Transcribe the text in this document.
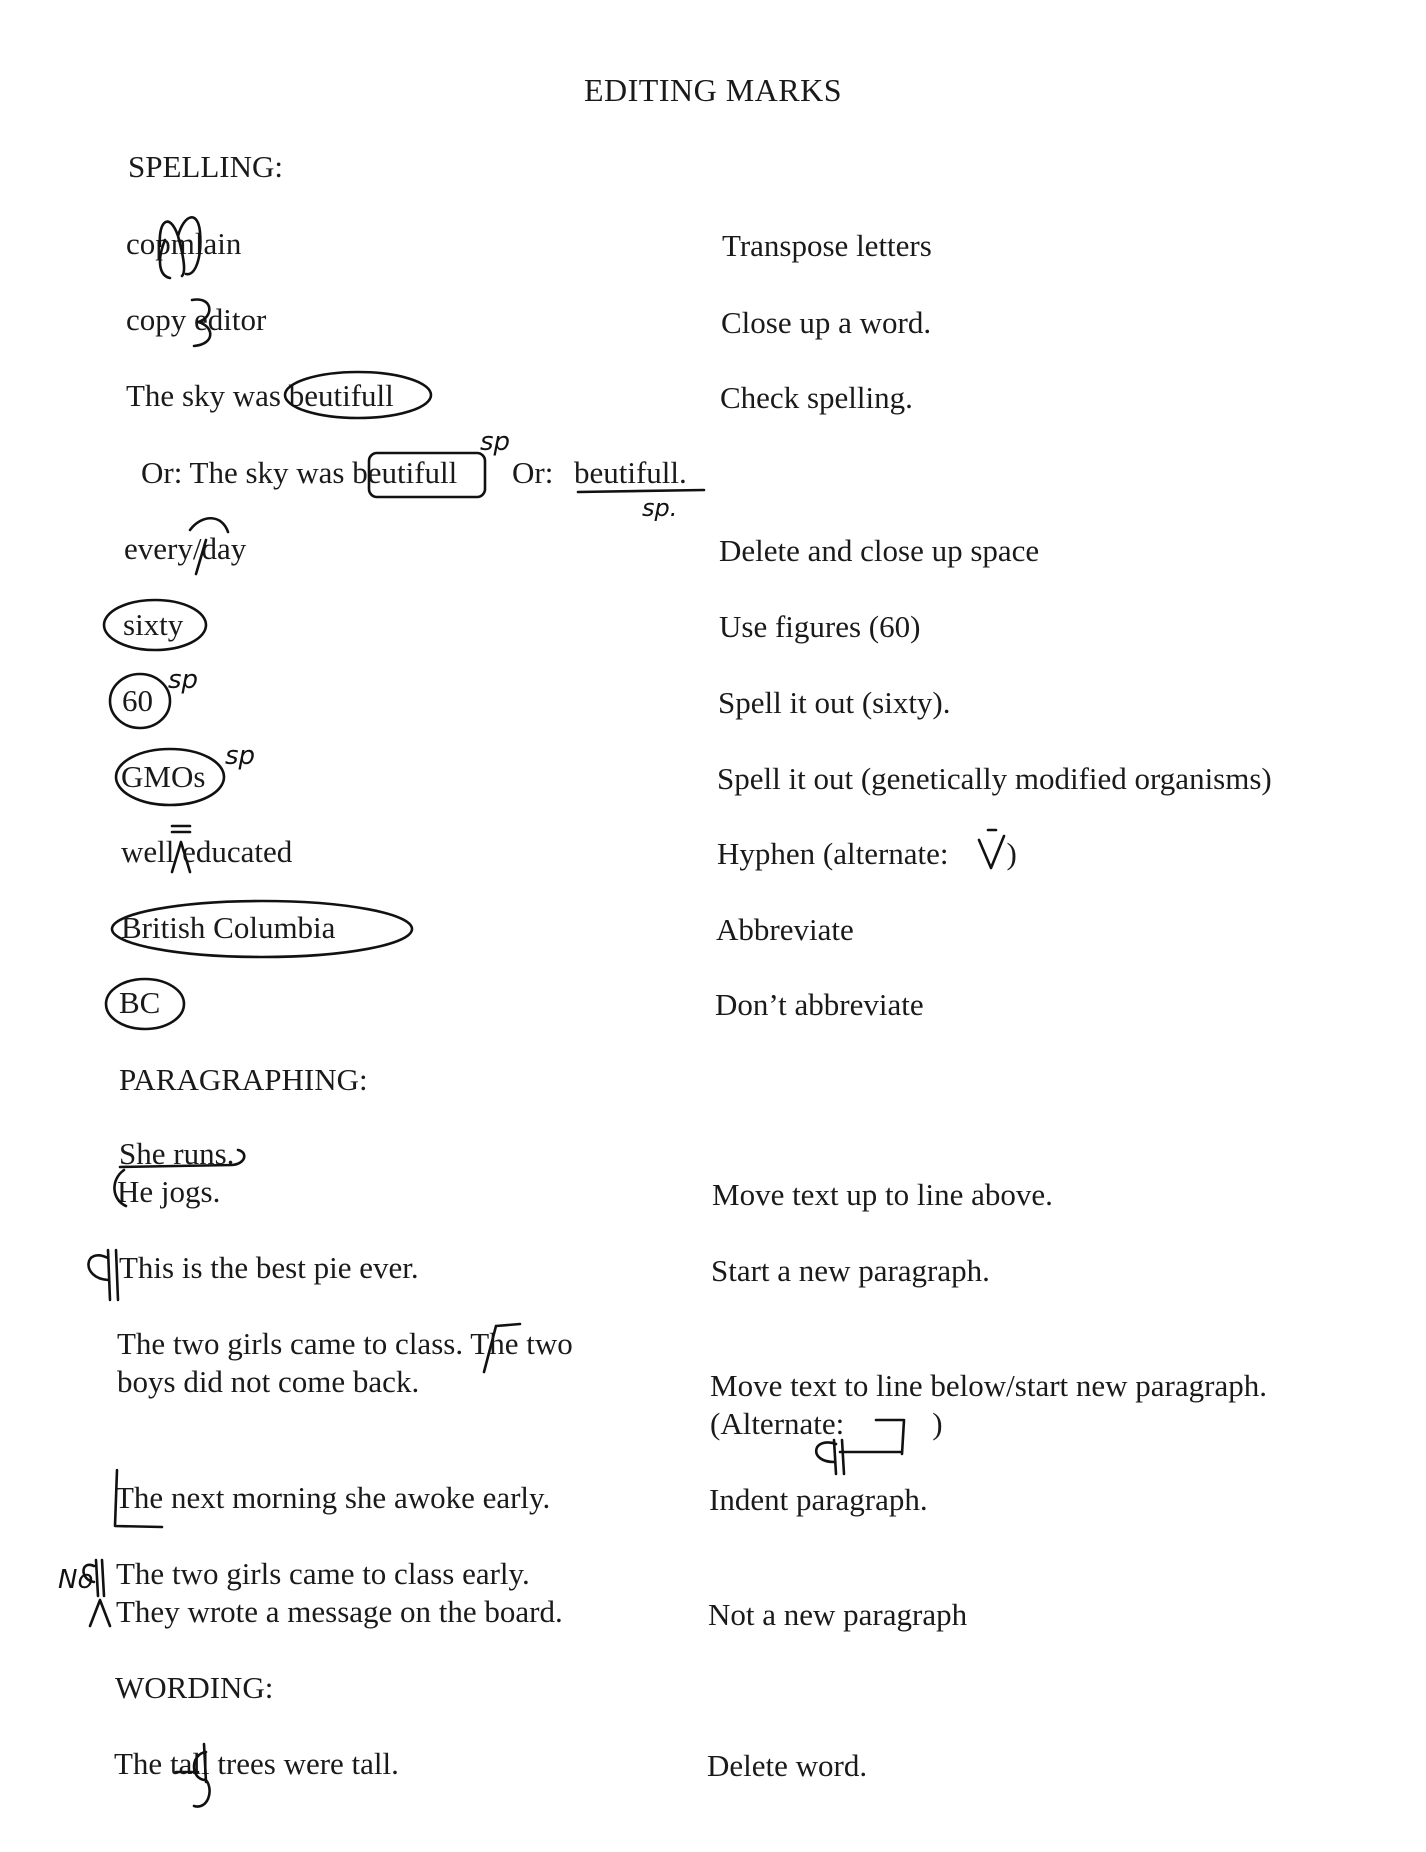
EDITING MARKS
SPELLING:
copmlain	Transpose letters
copy editor	Close up a word.
The sky was beutifull	Check spelling.
Or: The sky was beutifull Or: beutifull.
every/day	Delete and close up space
sixty	Use figures (60)
60	Spell it out (sixty).
GMOs	Spell it out (genetically modified organisms)
well educated	Hyphen (alternate: )
British Columbia	Abbreviate
BC	Don’t abbreviate
PARAGRAPHING:
She runs.
He jogs.	Move text up to line above.
This is the best pie ever.	Start a new paragraph.
The two girls came to class. The two
boys did not come back.	Move text to line below/start new paragraph.
(Alternate:	)
The next morning she awoke early.	Indent paragraph.
The two girls came to class early.
They wrote a message on the board.	Not a new paragraph
WORDING:
The tall trees were tall.	Delete word.
sp
sp.
sp
sp
No
